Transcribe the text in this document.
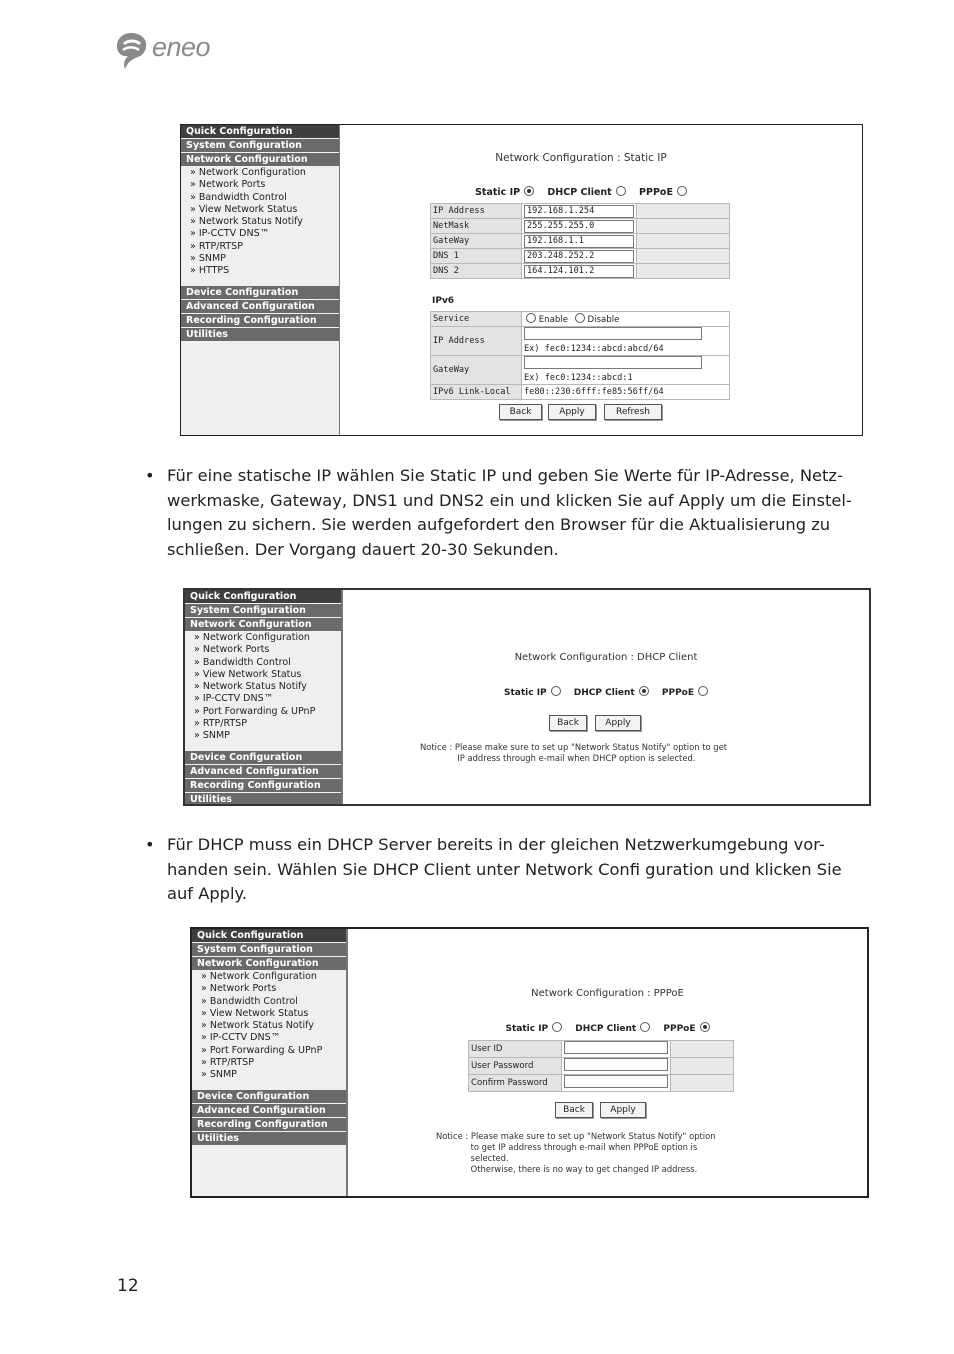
eneo
Quick Configuration
System Configuration
Network Configuration
» Network Configuration
» Network Ports
» Bandwidth Control
» View Network Status
» Network Status Notify
» IP-CCTV DNS™
» RTP/RTSP
» SNMP
» HTTPS
Device Configuration
Advanced Configuration
Recording Configuration
Utilities
Network Configuration : Static IP
Static IP	DHCP Client	PPPoE
IP Address	192.168.1.254	
NetMask	255.255.255.0	
GateWay	192.168.1.1	
DNS 1	203.248.252.2	
DNS 2	164.124.101.2	
IPv6
Service	Enable Disable
IP Address	Ex) fec0:1234::abcd:abcd/64
GateWay	Ex) fec0:1234::abcd:1
IPv6 Link-Local	fe80::230:6fff:fe85:56ff/64
Back	Apply	Refresh
• Für eine statische IP wählen Sie Static IP und geben Sie Werte für IP-Adresse, Netz-
werkmaske, Gateway, DNS1 und DNS2 ein und klicken Sie auf Apply um die Einstel-
lungen zu sichern. Sie werden aufgefordert den Browser für die Aktualisierung zu
schließen. Der Vorgang dauert 20-30 Sekunden.
Quick Configuration
System Configuration
Network Configuration
» Network Configuration
» Network Ports
» Bandwidth Control
» View Network Status
» Network Status Notify
» IP-CCTV DNS™
» Port Forwarding & UPnP
» RTP/RTSP
» SNMP
Device Configuration
Advanced Configuration
Recording Configuration
Utilities
Network Configuration : DHCP Client
Static IP	DHCP Client	PPPoE
Back	Apply
Notice : Please make sure to set up "Network Status Notify" option to get
IP address through e-mail when DHCP option is selected.
• Für DHCP muss ein DHCP Server bereits in der gleichen Netzwerkumgebung vor-
handen sein. Wählen Sie DHCP Client unter Network Confi guration und klicken Sie
auf Apply.
Quick Configuration
System Configuration
Network Configuration
» Network Configuration
» Network Ports
» Bandwidth Control
» View Network Status
» Network Status Notify
» IP-CCTV DNS™
» Port Forwarding & UPnP
» RTP/RTSP
» SNMP
Device Configuration
Advanced Configuration
Recording Configuration
Utilities
Network Configuration : PPPoE
Static IP	DHCP Client	PPPoE
User ID		
User Password		
Confirm Password		
Back	Apply
Notice : Please make sure to set up "Network Status Notify" option
to get IP address through e-mail when PPPoE option is
selected.
Otherwise, there is no way to get changed IP address.
12
